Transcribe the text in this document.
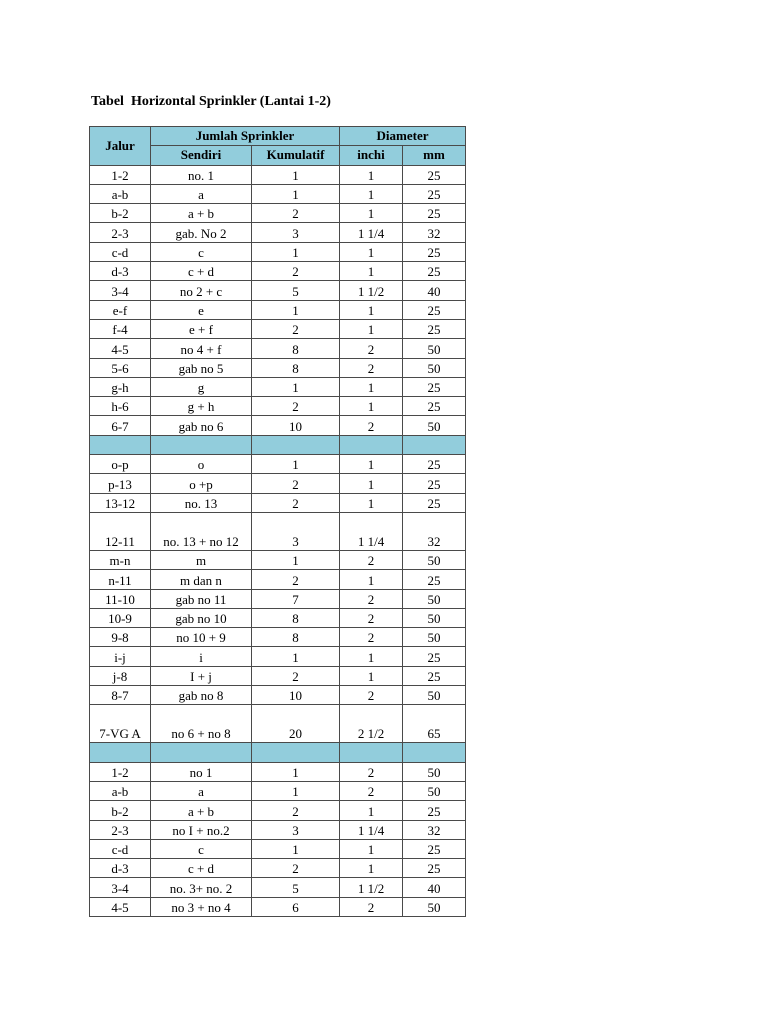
Tabel  Horizontal Sprinkler (Lantai 1-2)
Jalur	Jumlah Sprinkler		Diameter	
	Sendiri	Kumulatif	inchi	mm
1-2	no. 1	1	1	25
a-b	a	1	1	25
b-2	a + b	2	1	25
2-3	gab. No 2	3	1 1/4	32
c-d	c	1	1	25
d-3	c + d	2	1	25
3-4	no 2 + c	5	1 1/2	40
e-f	e	1	1	25
f-4	e + f	2	1	25
4-5	no 4 + f	8	2	50
5-6	gab no 5	8	2	50
g-h	g	1	1	25
h-6	g + h	2	1	25
6-7	gab no 6	10	2	50

o-p	o	1	1	25
p-13	o +p	2	1	25
13-12	no. 13	2	1	25
12-11	no. 13 + no 12	3	1 1/4	32
m-n	m	1	2	50
n-11	m dan n	2	1	25
11-10	gab no 11	7	2	50
10-9	gab no 10	8	2	50
9-8	no 10 + 9	8	2	50
i-j	i	1	1	25
j-8	I + j	2	1	25
8-7	gab no 8	10	2	50
7-VG A	no 6 + no 8	20	2 1/2	65

1-2	no 1	1	2	50
a-b	a	1	2	50
b-2	a + b	2	1	25
2-3	no I + no.2	3	1 1/4	32
c-d	c	1	1	25
d-3	c + d	2	1	25
3-4	no. 3+ no. 2	5	1 1/2	40
4-5	no 3 + no 4	6	2	50
